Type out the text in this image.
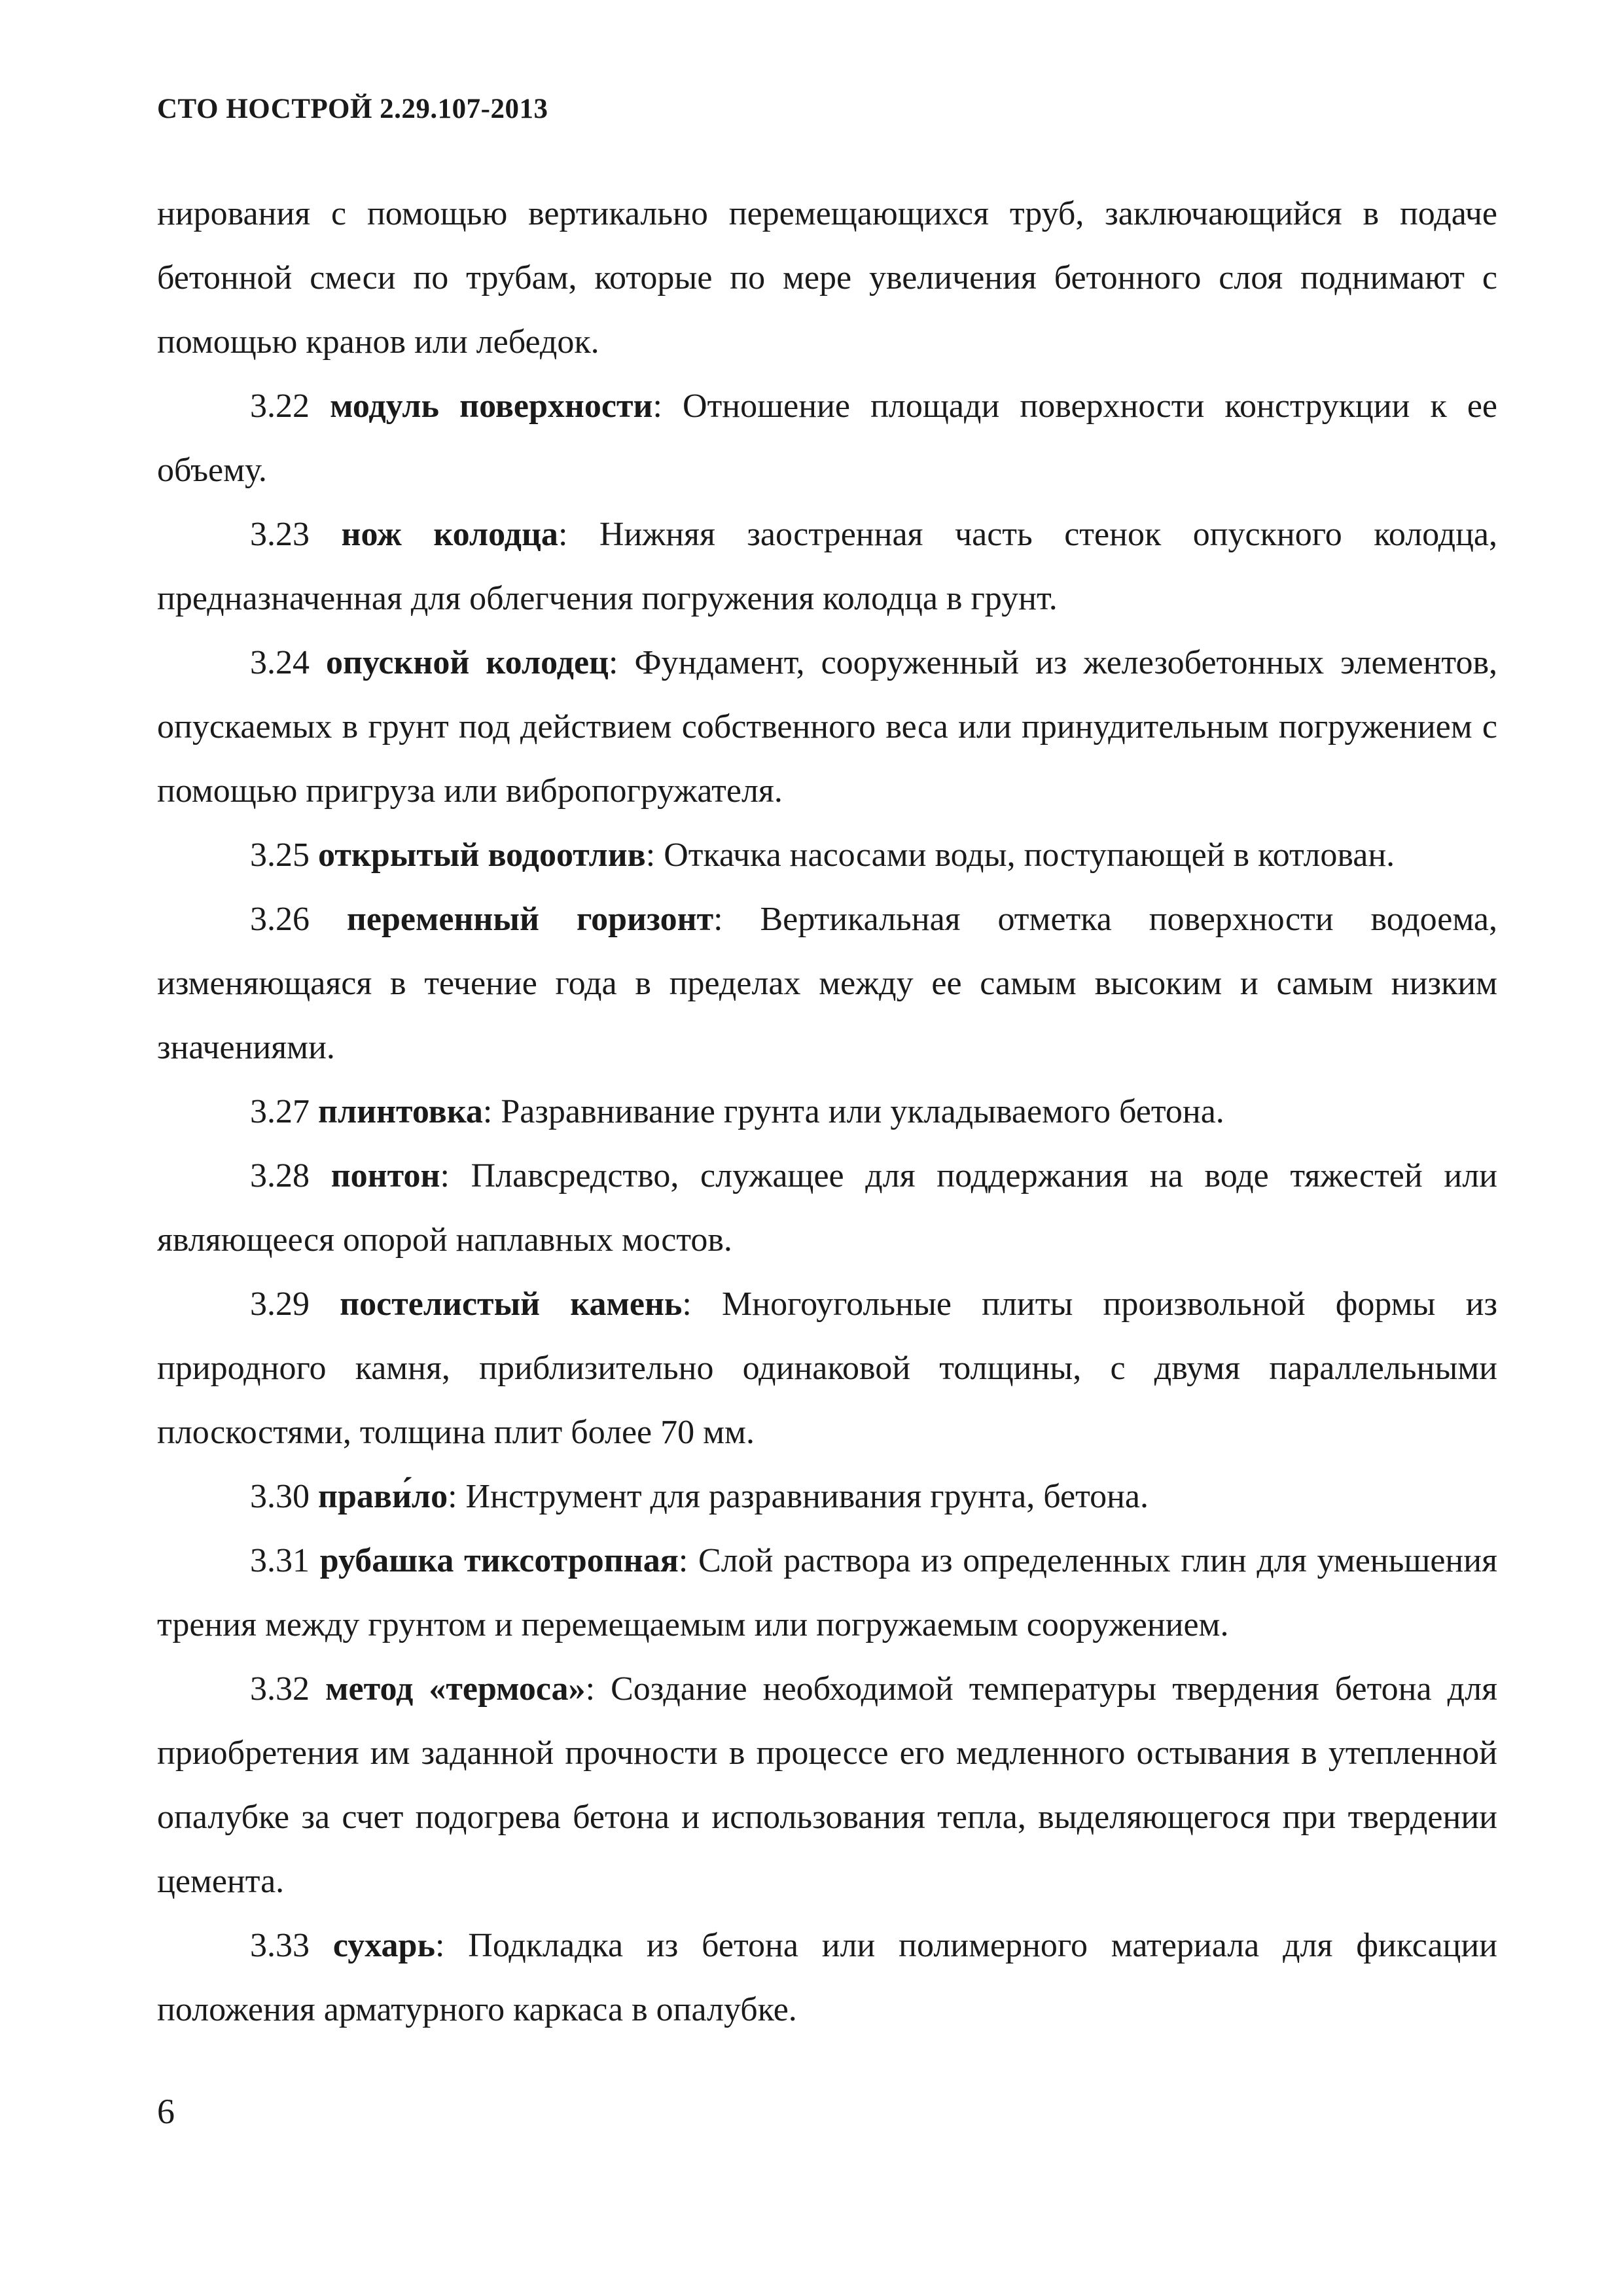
СТО НОСТРОЙ 2.29.107-2013

нирования с помощью вертикально перемещающихся труб, заключающийся в подаче бетонной смеси по трубам, которые по мере увеличения бетонного слоя поднимают с помощью кранов или лебедок.

3.22 модуль поверхности: Отношение площади поверхности конструкции к ее объему.

3.23 нож колодца: Нижняя заостренная часть стенок опускного колодца, предназначенная для облегчения погружения колодца в грунт.

3.24 опускной колодец: Фундамент, сооруженный из железобетонных элементов, опускаемых в грунт под действием собственного веса или принудительным погружением с помощью пригруза или вибропогружателя.

3.25 открытый водоотлив: Откачка насосами воды, поступающей в котлован.

3.26 переменный горизонт: Вертикальная отметка поверхности водоема, изменяющаяся в течение года в пределах между ее самым высоким и самым низким значениями.

3.27 плинтовка: Разравнивание грунта или укладываемого бетона.

3.28 понтон: Плавсредство, служащее для поддержания на воде тяжестей или являющееся опорой наплавных мостов.

3.29 постелистый камень: Многоугольные плиты произвольной формы из природного камня, приблизительно одинаковой толщины, с двумя параллельными плоскостями, толщина плит более 70 мм.

3.30 прави́ло: Инструмент для разравнивания грунта, бетона.

3.31 рубашка тиксотропная: Слой раствора из определенных глин для уменьшения трения между грунтом и перемещаемым или погружаемым сооружением.

3.32 метод «термоса»: Создание необходимой температуры твердения бетона для приобретения им заданной прочности в процессе его медленного остывания в утепленной опалубке за счет подогрева бетона и использования тепла, выделяющегося при твердении цемента.

3.33 сухарь: Подкладка из бетона или полимерного материала для фиксации положения арматурного каркаса в опалубке.

6
